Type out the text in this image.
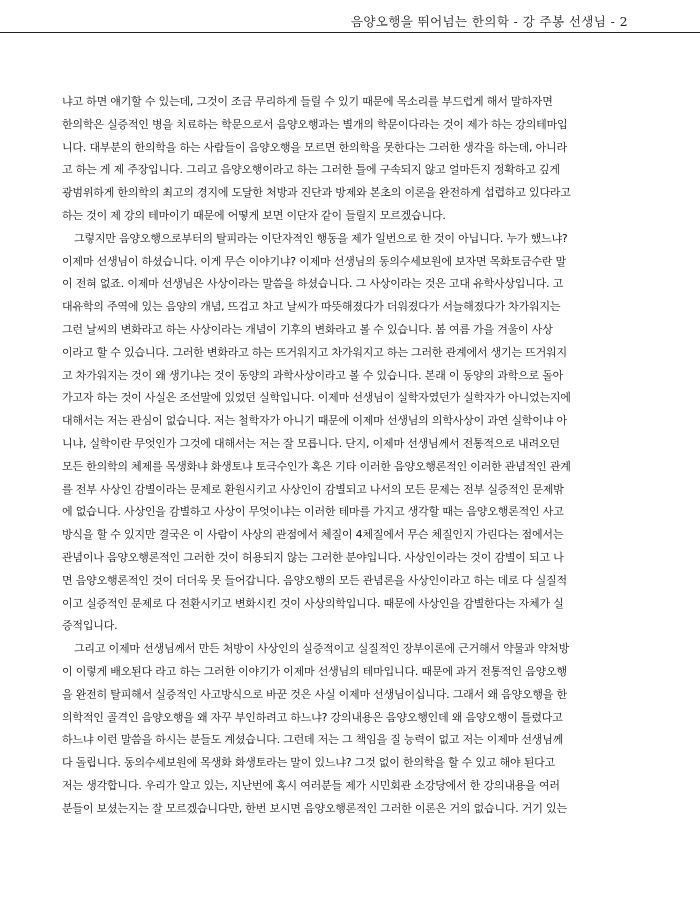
음양오행을 뛰어넘는 한의학 - 강 주봉 선생님 - 2
냐고 하면 얘기할 수 있는데, 그것이 조금 무리하게 들릴 수 있기 때문에 목소리를 부드럽게 해서 말하자면
한의학은 실증적인 병을 치료하는 학문으로서 음양오행과는 별개의 학문이다라는 것이 제가 하는 강의테마입
니다. 대부분의 한의학을 하는 사람들이 음양오행을 모르면 한의학을 못한다는 그러한 생각을 하는데, 아니라
고 하는 게 제 주장입니다. 그리고 음양오행이라고 하는 그러한 틀에 구속되지 않고 얼마든지 정확하고 깊게
광범위하게 한의학의 최고의 경지에 도달한 처방과 진단과 방제와 본초의 이론을 완전하게 섭렵하고 있다라고
하는 것이 제 강의 테마이기 때문에 어떻게 보면 이단자 같이 들릴지 모르겠습니다.
그렇지만 음양오행으로부터의 탈피라는 이단자적인 행동을 제가 일번으로 한 것이 아닙니다. 누가 했느냐?
이제마 선생님이 하셨습니다. 이게 무슨 이야기냐? 이제마 선생님의 동의수세보원에 보자면 목화토금수란 말
이 전혀 없죠. 이제마 선생님은 사상이라는 말씀을 하셨습니다. 그 사상이라는 것은 고대 유학사상입니다. 고
대유학의 주역에 있는 음양의 개념, 뜨겁고 차고 날씨가 따뜻해졌다가 더워졌다가 서늘해졌다가 차가워지는
그런 날씨의 변화라고 하는 사상이라는 개념이 기후의 변화라고 볼 수 있습니다. 봄 여름 가을 겨울이 사상
이라고 할 수 있습니다. 그러한 변화라고 하는 뜨거워지고 차가워지고 하는 그러한 관계에서 생기는 뜨거워지
고 차가워지는 것이 왜 생기냐는 것이 동양의 과학사상이라고 볼 수 있습니다. 본래 이 동양의 과학으로 돌아
가고자 하는 것이 사실은 조선말에 있었던 실학입니다. 이제마 선생님이 실학자였던가 실학자가 아니었는지에
대해서는 저는 관심이 없습니다. 저는 철학자가 아니기 때문에 이제마 선생님의 의학사상이 과연 실학이냐 아
니냐, 실학이란 무엇인가 그것에 대해서는 저는 잘 모릅니다. 단지, 이제마 선생님께서 전통적으로 내려오던
모든 한의학의 체제를 목생화냐 화생토냐 토극수인가 혹은 기타 이러한 음양오행론적인 이러한 관념적인 관계
를 전부 사상인 감별이라는 문제로 환원시키고 사상인이 감별되고 나서의 모든 문제는 전부 실증적인 문제밖
에 없습니다. 사상인을 감별하고 사상이 무엇이냐는 이러한 테마를 가지고 생각할 때는 음양오행론적인 사고
방식을 할 수 있지만 결국은 이 사람이 사상의 관점에서 체질이 4체질에서 무슨 체질인지 가린다는 점에서는
관념이나 음양오행론적인 그러한 것이 허용되지 않는 그러한 분야입니다. 사상인이라는 것이 감별이 되고 나
면 음양오행론적인 것이 더더욱 못 들어갑니다. 음양오행의 모든 관념론을 사상인이라고 하는 데로 다 실질적
이고 실증적인 문제로 다 전환시키고 변화시킨 것이 사상의학입니다. 때문에 사상인을 감별한다는 자체가 실
증적입니다.
그리고 이제마 선생님께서 만든 처방이 사상인의 실증적이고 실질적인 장부이론에 근거해서 약물과 약처방
이 이렇게 배오된다 라고 하는 그러한 이야기가 이제마 선생님의 테마입니다. 때문에 과거 전통적인 음양오행
을 완전히 탈피해서 실증적인 사고방식으로 바꾼 것은 사실 이제마 선생님이십니다. 그래서 왜 음양오행을 한
의학적인 골격인 음양오행을 왜 자꾸 부인하려고 하느냐? 강의내용은 음양오행인데 왜 음양오행이 틀렸다고
하느냐 이런 말씀을 하시는 분들도 계셨습니다. 그런데 저는 그 책임을 질 능력이 없고 저는 이제마 선생님께
다 돌립니다. 동의수세보원에 목생화 화생토라는 말이 있느냐? 그것 없이 한의학을 할 수 있고 해야 된다고
저는 생각합니다. 우리가 알고 있는, 지난번에 혹시 여러분들 제가 시민회관 소강당에서 한 강의내용을 여러
분들이 보셨는지는 잘 모르겠습니다만, 한번 보시면 음양오행론적인 그러한 이론은 거의 없습니다. 거기 있는
